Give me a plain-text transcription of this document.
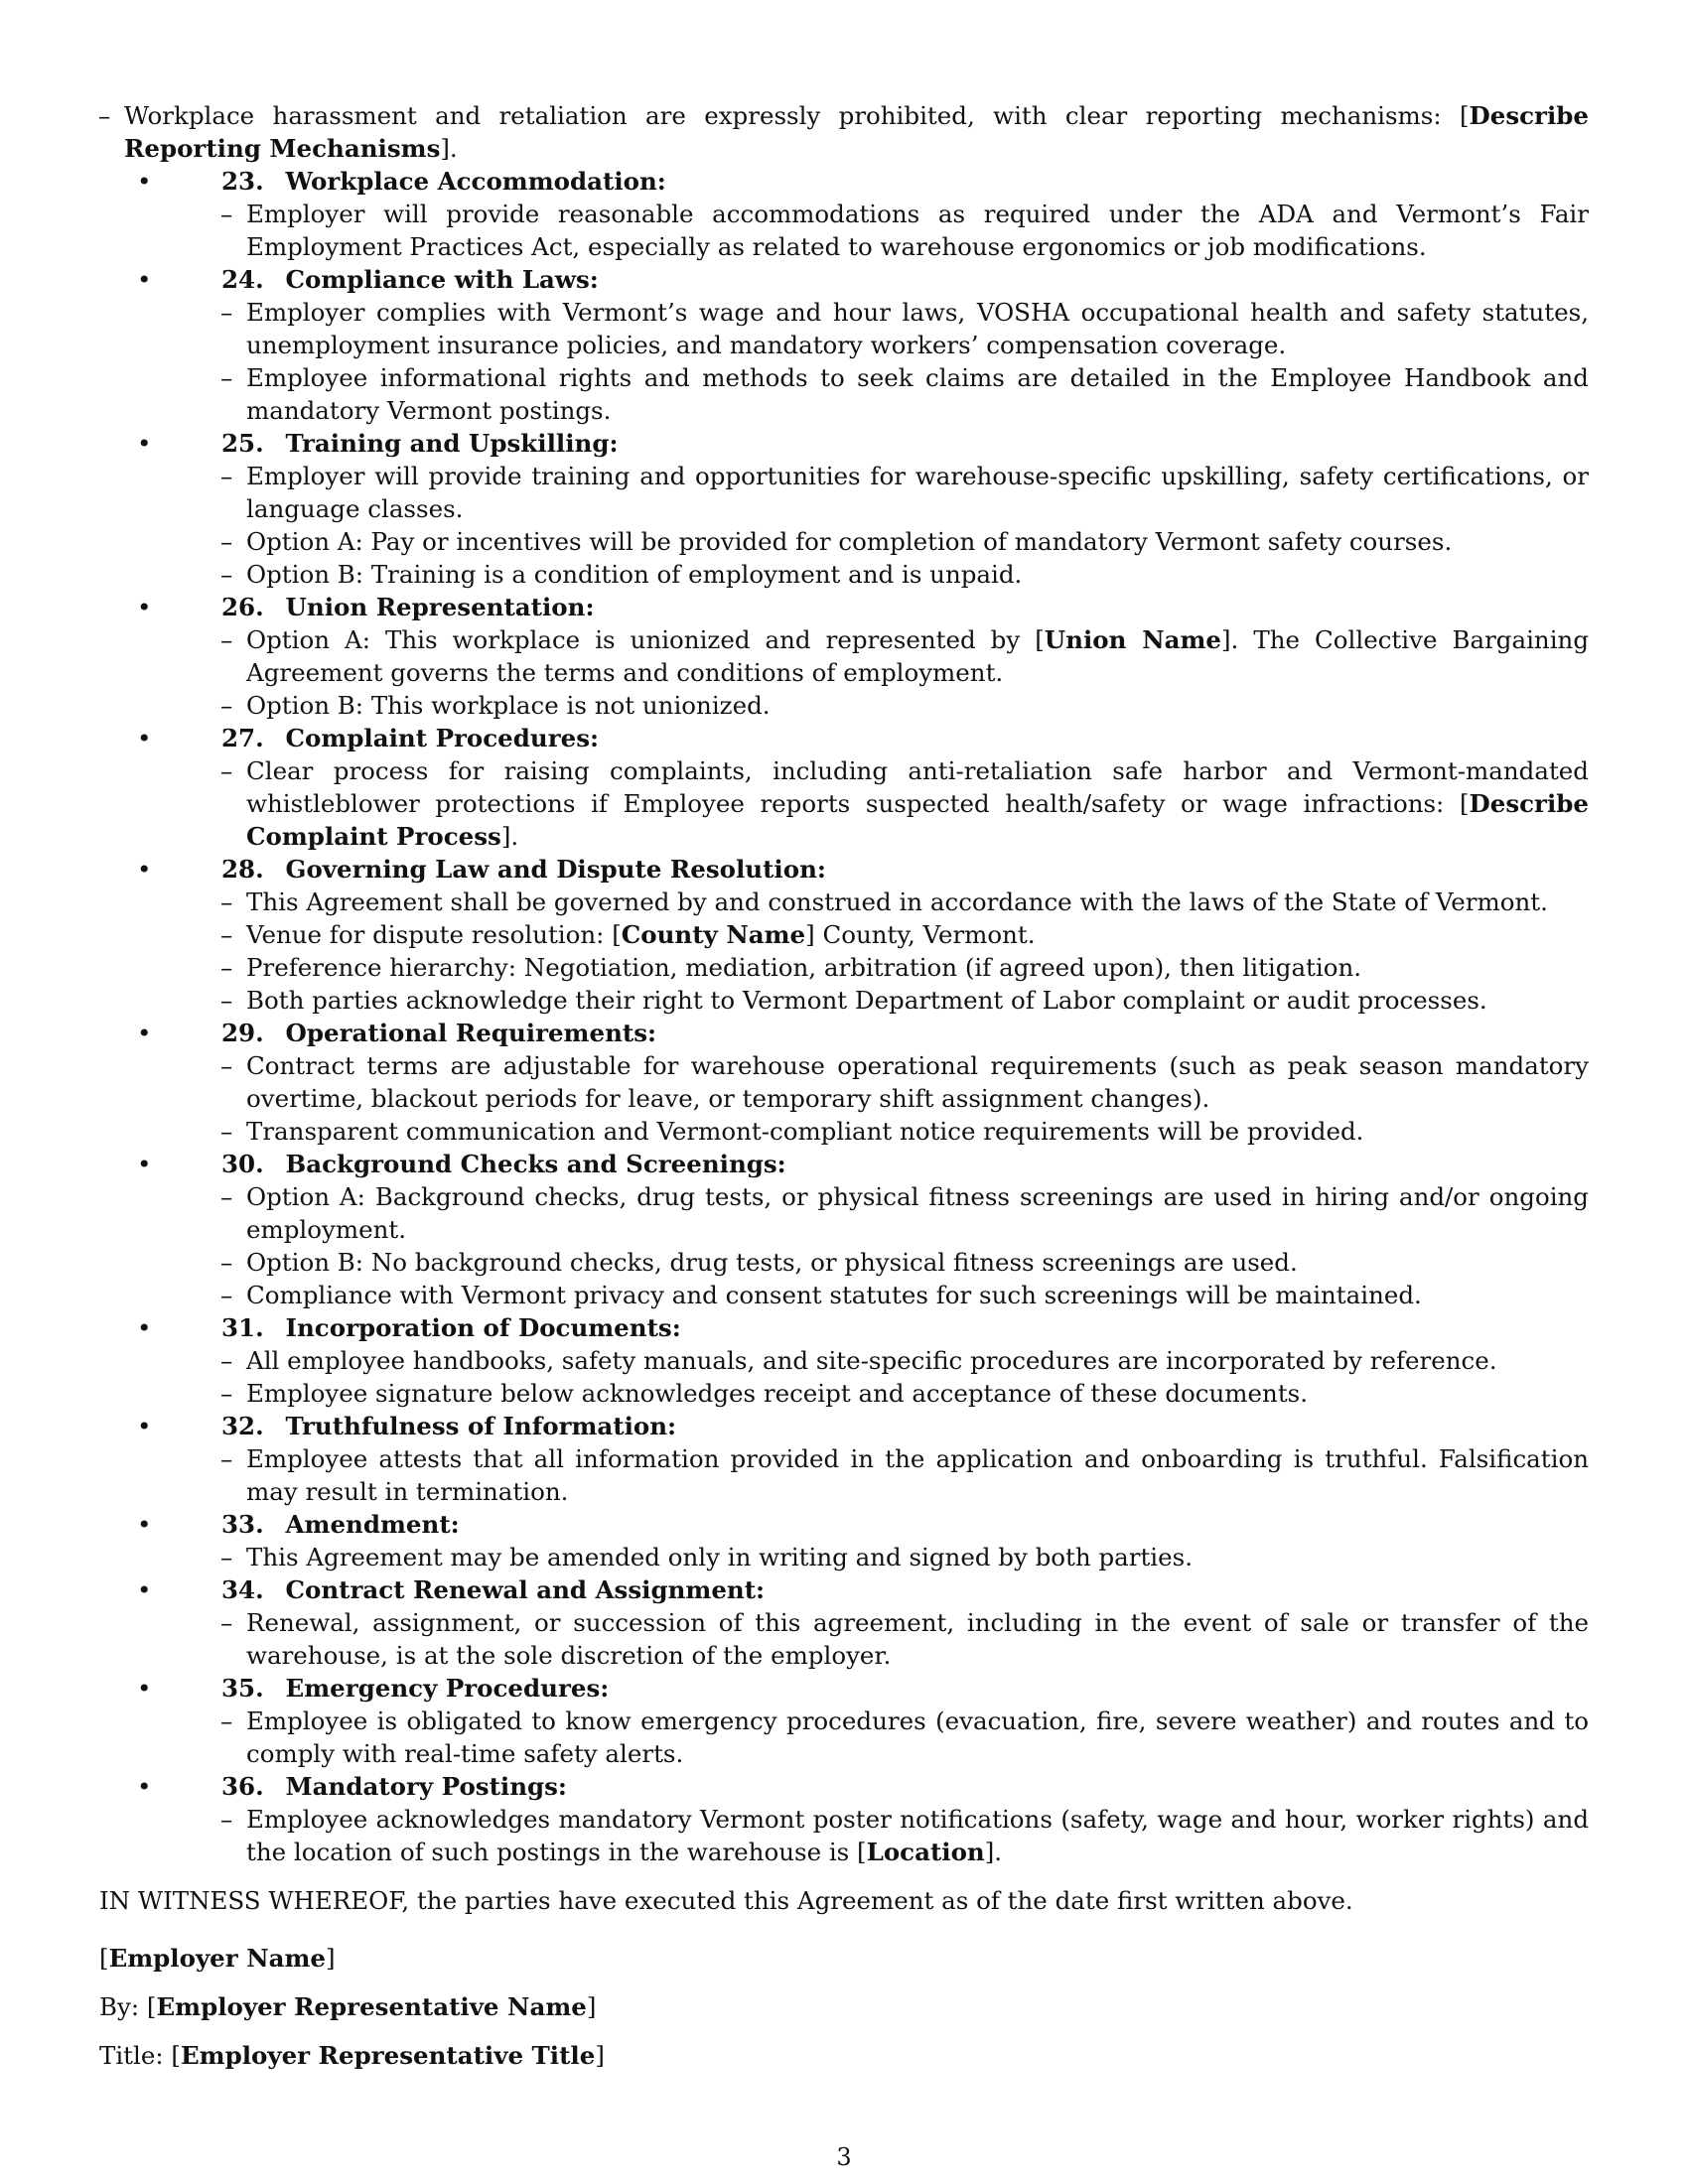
– Workplace harassment and retaliation are expressly prohibited, with clear reporting mechanisms: [Describe Reporting Mechanisms].
• 23. Workplace Accommodation:
– Employer will provide reasonable accommodations as required under the ADA and Vermont’s Fair Employment Practices Act, especially as related to warehouse ergonomics or job modifications.
• 24. Compliance with Laws:
– Employer complies with Vermont’s wage and hour laws, VOSHA occupational health and safety statutes, unemployment insurance policies, and mandatory workers’ compensation coverage.
– Employee informational rights and methods to seek claims are detailed in the Employee Handbook and mandatory Vermont postings.
• 25. Training and Upskilling:
– Employer will provide training and opportunities for warehouse-specific upskilling, safety certifications, or language classes.
– Option A: Pay or incentives will be provided for completion of mandatory Vermont safety courses.
– Option B: Training is a condition of employment and is unpaid.
• 26. Union Representation:
– Option A: This workplace is unionized and represented by [Union Name]. The Collective Bargaining Agreement governs the terms and conditions of employment.
– Option B: This workplace is not unionized.
• 27. Complaint Procedures:
– Clear process for raising complaints, including anti-retaliation safe harbor and Vermont-mandated whistleblower protections if Employee reports suspected health/safety or wage infractions: [Describe Complaint Process].
• 28. Governing Law and Dispute Resolution:
– This Agreement shall be governed by and construed in accordance with the laws of the State of Vermont.
– Venue for dispute resolution: [County Name] County, Vermont.
– Preference hierarchy: Negotiation, mediation, arbitration (if agreed upon), then litigation.
– Both parties acknowledge their right to Vermont Department of Labor complaint or audit processes.
• 29. Operational Requirements:
– Contract terms are adjustable for warehouse operational requirements (such as peak season mandatory overtime, blackout periods for leave, or temporary shift assignment changes).
– Transparent communication and Vermont-compliant notice requirements will be provided.
• 30. Background Checks and Screenings:
– Option A: Background checks, drug tests, or physical fitness screenings are used in hiring and/or ongoing employment.
– Option B: No background checks, drug tests, or physical fitness screenings are used.
– Compliance with Vermont privacy and consent statutes for such screenings will be maintained.
• 31. Incorporation of Documents:
– All employee handbooks, safety manuals, and site-specific procedures are incorporated by reference.
– Employee signature below acknowledges receipt and acceptance of these documents.
• 32. Truthfulness of Information:
– Employee attests that all information provided in the application and onboarding is truthful. Falsification may result in termination.
• 33. Amendment:
– This Agreement may be amended only in writing and signed by both parties.
• 34. Contract Renewal and Assignment:
– Renewal, assignment, or succession of this agreement, including in the event of sale or transfer of the warehouse, is at the sole discretion of the employer.
• 35. Emergency Procedures:
– Employee is obligated to know emergency procedures (evacuation, fire, severe weather) and routes and to comply with real-time safety alerts.
• 36. Mandatory Postings:
– Employee acknowledges mandatory Vermont poster notifications (safety, wage and hour, worker rights) and the location of such postings in the warehouse is [Location].

IN WITNESS WHEREOF, the parties have executed this Agreement as of the date first written above.

[Employer Name]

By: [Employer Representative Name]

Title: [Employer Representative Title]

3
